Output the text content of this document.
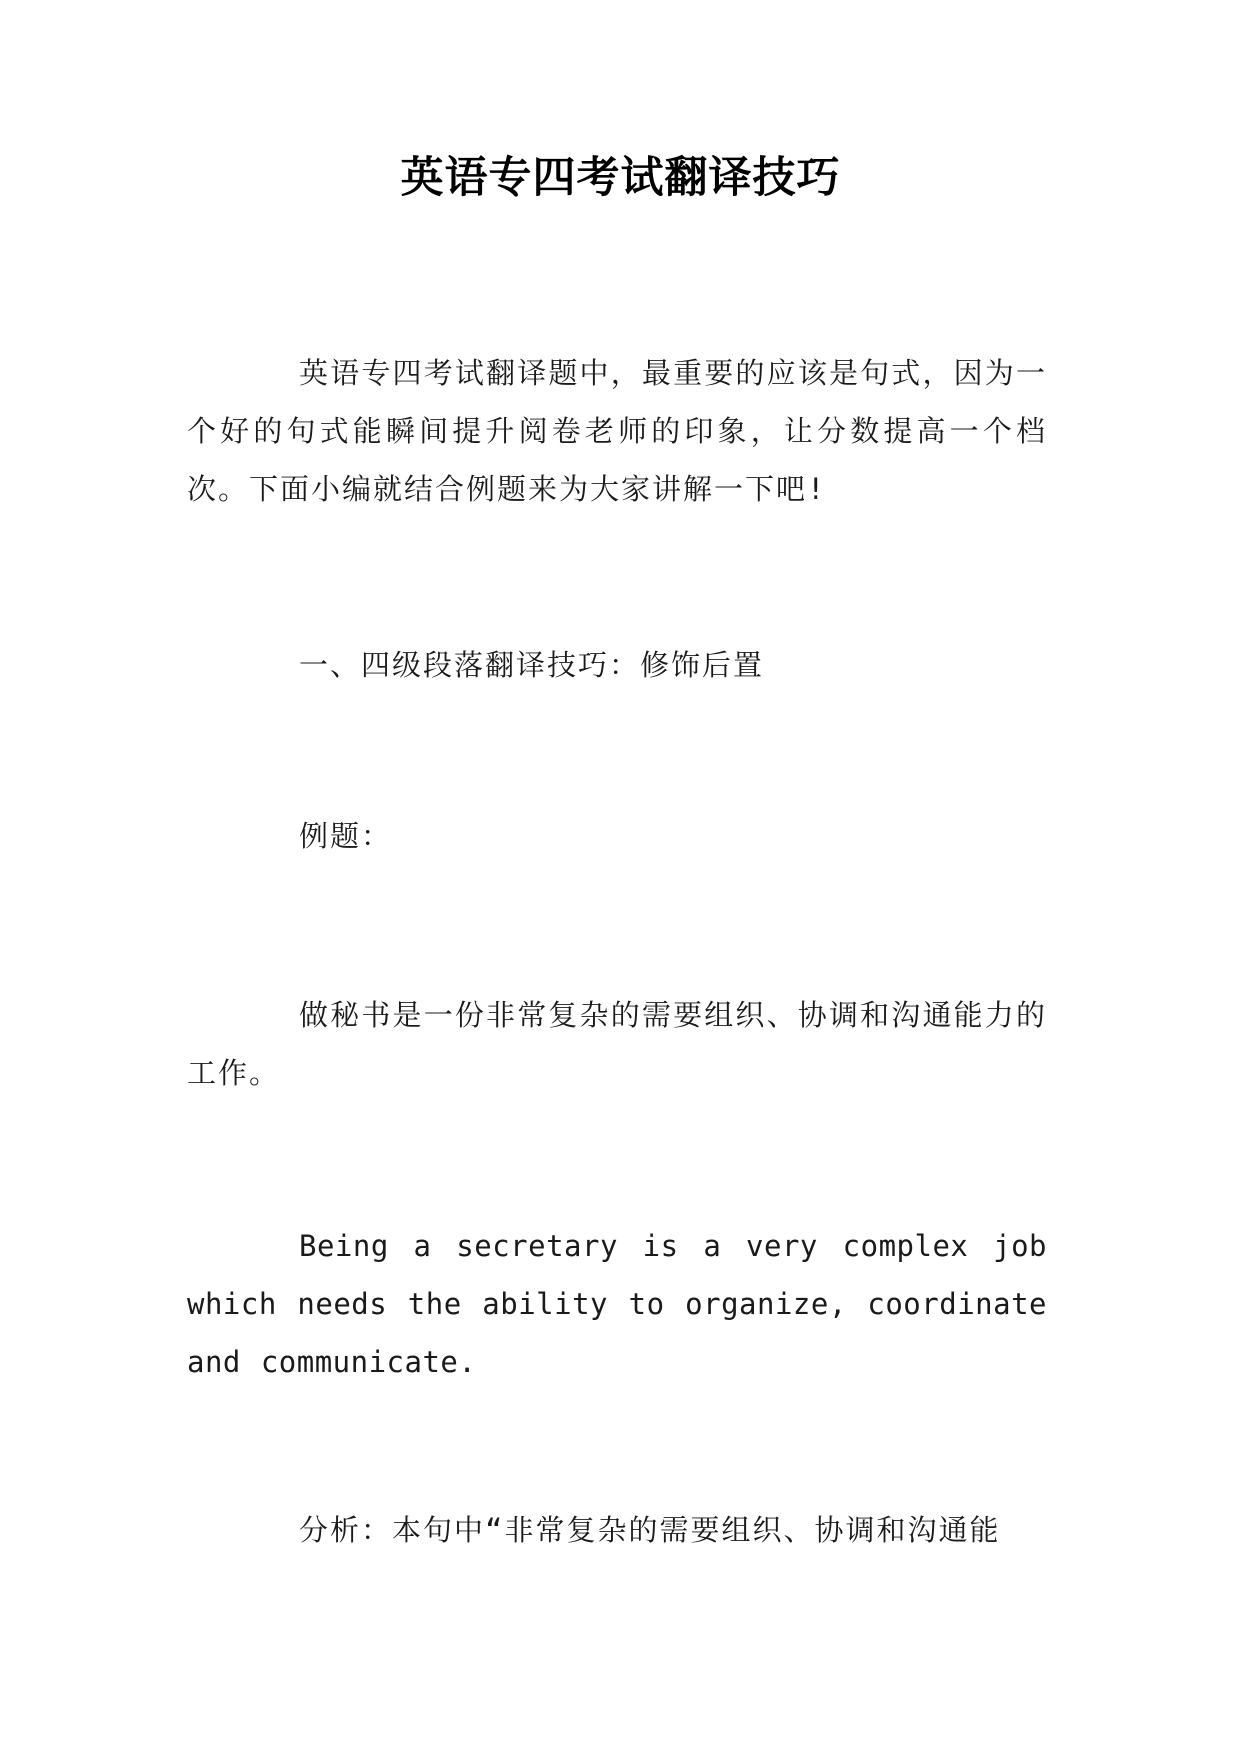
英语专四考试翻译技巧

英语专四考试翻译题中，最重要的应该是句式，因为一个好的句式能瞬间提升阅卷老师的印象，让分数提高一个档次。下面小编就结合例题来为大家讲解一下吧!

一、四级段落翻译技巧：修饰后置

例题：

做秘书是一份非常复杂的需要组织、协调和沟通能力的工作。

Being a secretary is a very complex job which needs the ability to organize, coordinate and communicate.

分析：本句中“非常复杂的需要组织、协调和沟通能
